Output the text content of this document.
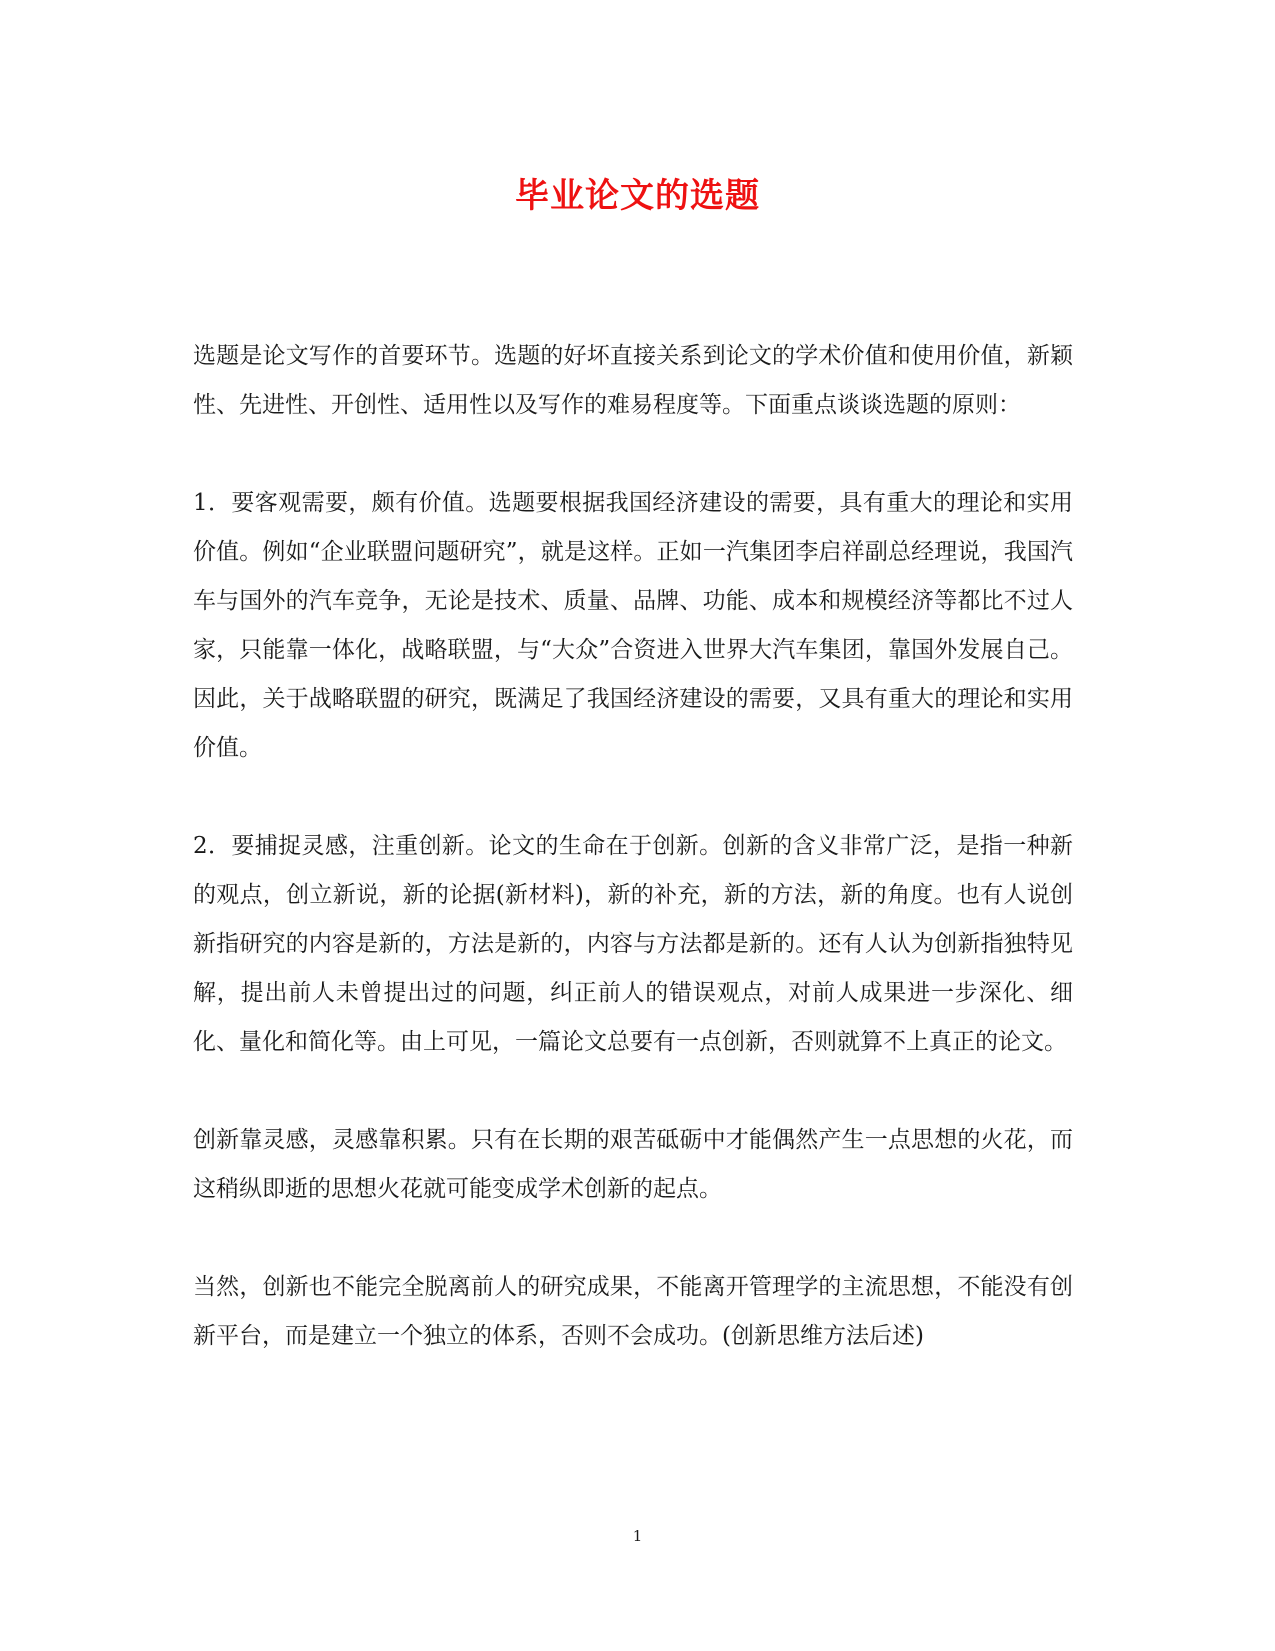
毕业论文的选题

选题是论文写作的首要环节。选题的好坏直接关系到论文的学术价值和使用价值，新颖性、先进性、开创性、适用性以及写作的难易程度等。下面重点谈谈选题的原则：

1．要客观需要，颇有价值。选题要根据我国经济建设的需要，具有重大的理论和实用价值。例如“企业联盟问题研究”，就是这样。正如一汽集团李启祥副总经理说，我国汽车与国外的汽车竞争，无论是技术、质量、品牌、功能、成本和规模经济等都比不过人家，只能靠一体化，战略联盟，与“大众”合资进入世界大汽车集团，靠国外发展自己。因此，关于战略联盟的研究，既满足了我国经济建设的需要，又具有重大的理论和实用价值。

2．要捕捉灵感，注重创新。论文的生命在于创新。创新的含义非常广泛，是指一种新的观点，创立新说，新的论据(新材料)，新的补充，新的方法，新的角度。也有人说创新指研究的内容是新的，方法是新的，内容与方法都是新的。还有人认为创新指独特见解，提出前人未曾提出过的问题，纠正前人的错误观点，对前人成果进一步深化、细化、量化和简化等。由上可见，一篇论文总要有一点创新，否则就算不上真正的论文。

创新靠灵感，灵感靠积累。只有在长期的艰苦砥砺中才能偶然产生一点思想的火花，而这稍纵即逝的思想火花就可能变成学术创新的起点。

当然，创新也不能完全脱离前人的研究成果，不能离开管理学的主流思想，不能没有创新平台，而是建立一个独立的体系，否则不会成功。(创新思维方法后述)

1
